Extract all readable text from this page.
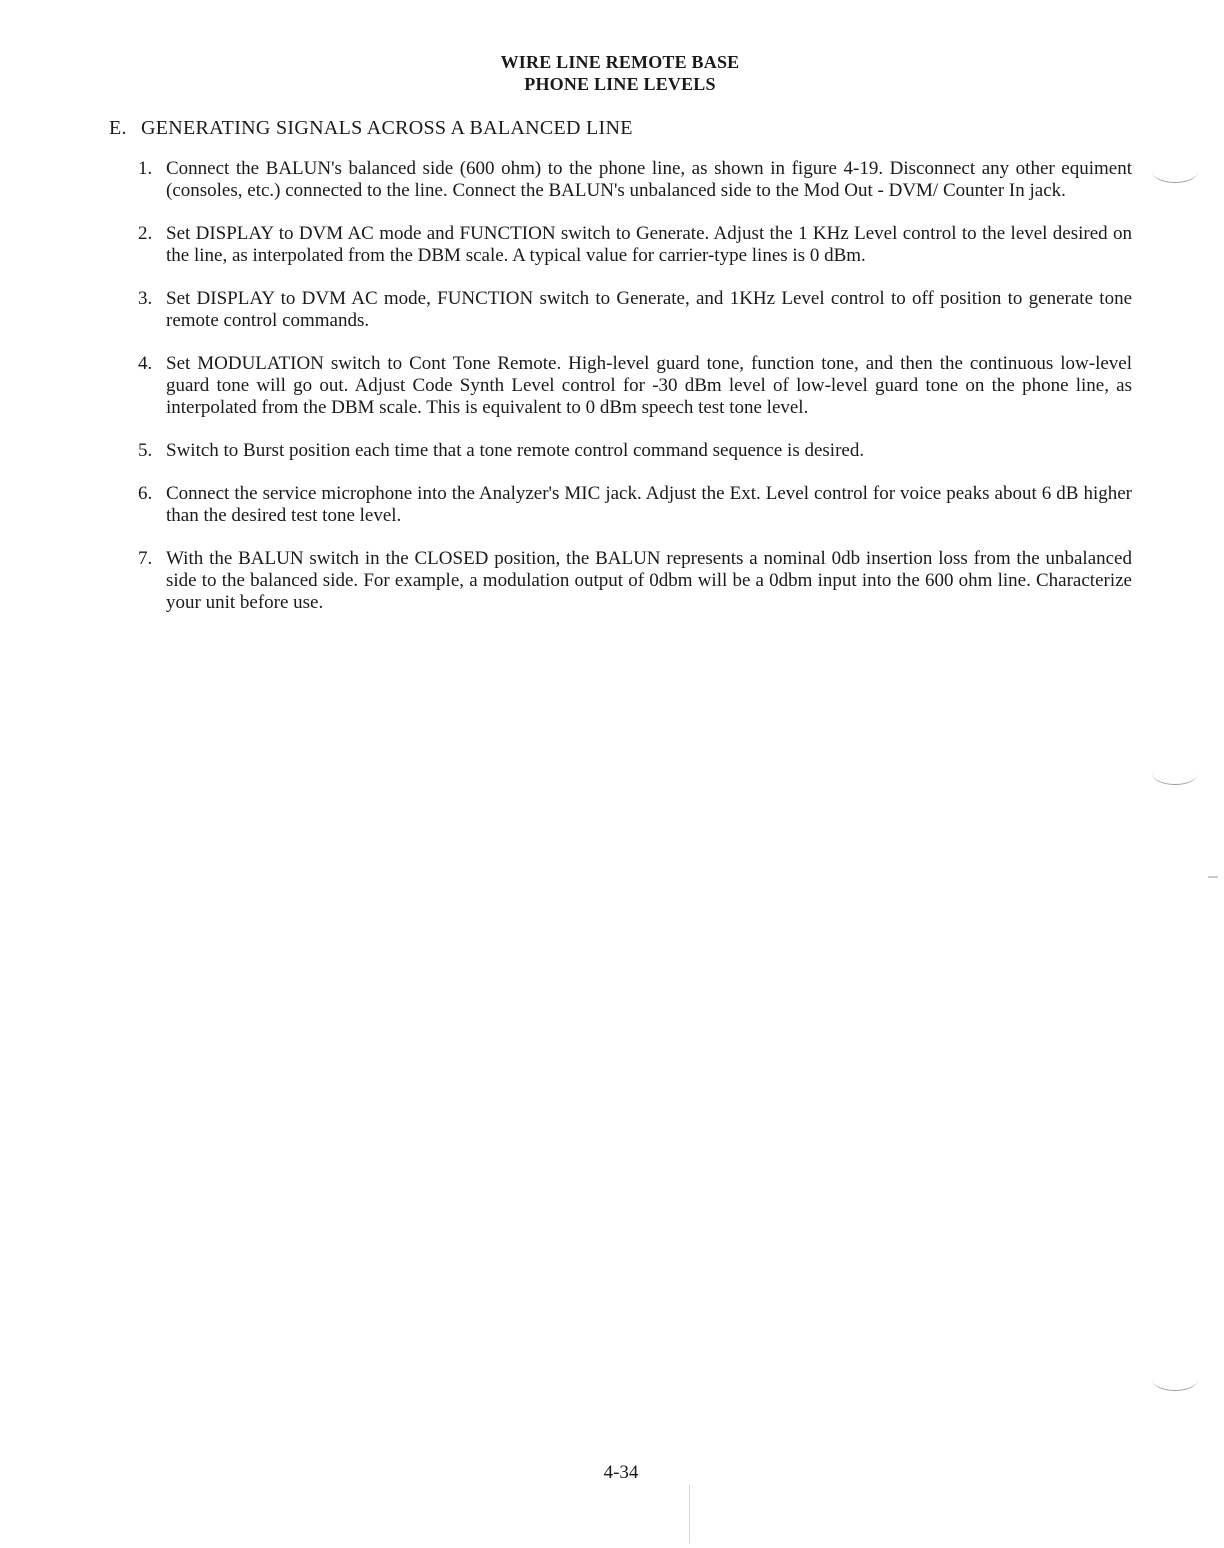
WIRE LINE REMOTE BASE
PHONE LINE LEVELS
E. GENERATING SIGNALS ACROSS A BALANCED LINE
1. Connect the BALUN's balanced side (600 ohm) to the phone line, as shown in figure 4-19. Disconnect any other equiment (consoles, etc.) connected to the line. Connect the BALUN's unbalanced side to the Mod Out - DVM/ Counter In jack.
2. Set DISPLAY to DVM AC mode and FUNCTION switch to Generate. Adjust the 1 KHz Level control to the level desired on the line, as interpolated from the DBM scale. A typical value for carrier-type lines is 0 dBm.
3. Set DISPLAY to DVM AC mode, FUNCTION switch to Generate, and 1KHz Level control to off position to generate tone remote control commands.
4. Set MODULATION switch to Cont Tone Remote. High-level guard tone, function tone, and then the continuous low-level guard tone will go out. Adjust Code Synth Level control for -30 dBm level of low-level guard tone on the phone line, as interpolated from the DBM scale. This is equivalent to 0 dBm speech test tone level.
5. Switch to Burst position each time that a tone remote control command sequence is desired.
6. Connect the service microphone into the Analyzer's MIC jack. Adjust the Ext. Level control for voice peaks about 6 dB higher than the desired test tone level.
7. With the BALUN switch in the CLOSED position, the BALUN represents a nominal 0db insertion loss from the unbalanced side to the balanced side. For example, a modulation output of 0dbm will be a 0dbm input into the 600 ohm line. Characterize your unit before use.
4-34
